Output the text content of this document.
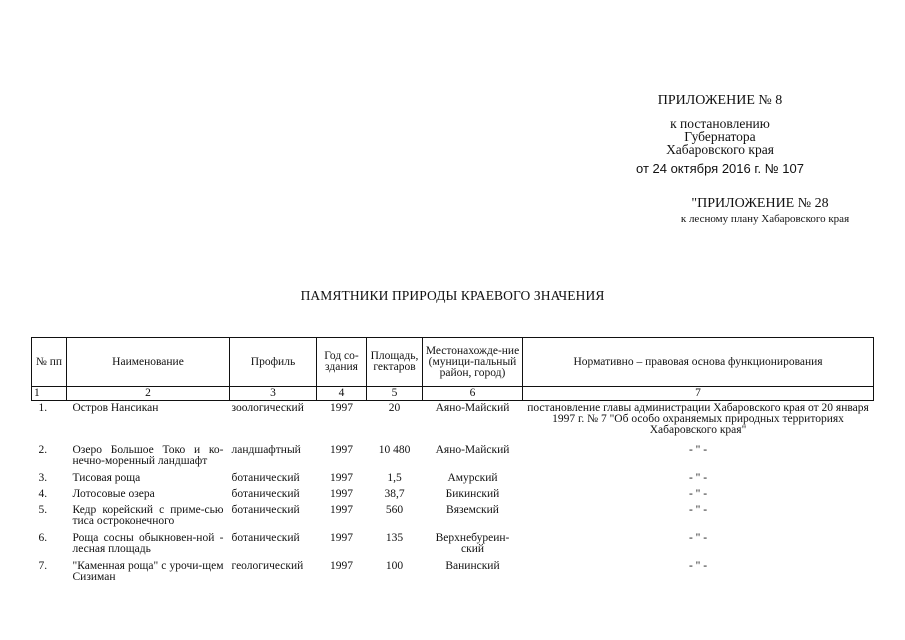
ПРИЛОЖЕНИЕ № 8
к постановлению
Губернатора
Хабаровского края
от 24 октября 2016 г. № 107
"ПРИЛОЖЕНИЕ № 28
к лесному плану Хабаровского края
ПАМЯТНИКИ ПРИРОДЫ КРАЕВОГО ЗНАЧЕНИЯ
№ пп	Наименование	Профиль	Год со-здания	Площадь, гектаров	Местонахожде-ние (муници-пальный район, город)	Нормативно – правовая основа функционирования
1	2	3	4	5	6	7
1.	Остров Нансикан	зоологический	1997	20	Аяно-Майский	постановление главы администрации Хабаровского края от 20 января 1997 г. № 7 "Об особо охраняемых природных территориях Хабаровского края"
2.	Озеро Большое Токо и ко-нечно-моренный ландшафт	ландшафтный	1997	10 480	Аяно-Майский	- " -
3.	Тисовая роща	ботанический	1997	1,5	Амурский	- " -
4.	Лотосовые озера	ботанический	1997	38,7	Бикинский	- " -
5.	Кедр корейский с приме-сью тиса остроконечного	ботанический	1997	560	Вяземский	- " -
6.	Роща сосны обыкновен-ной - лесная площадь	ботанический	1997	135	Верхнебуреин-ский	- " -
7.	"Каменная роща" с урочи-щем Сизиман	геологический	1997	100	Ванинский	- " -
